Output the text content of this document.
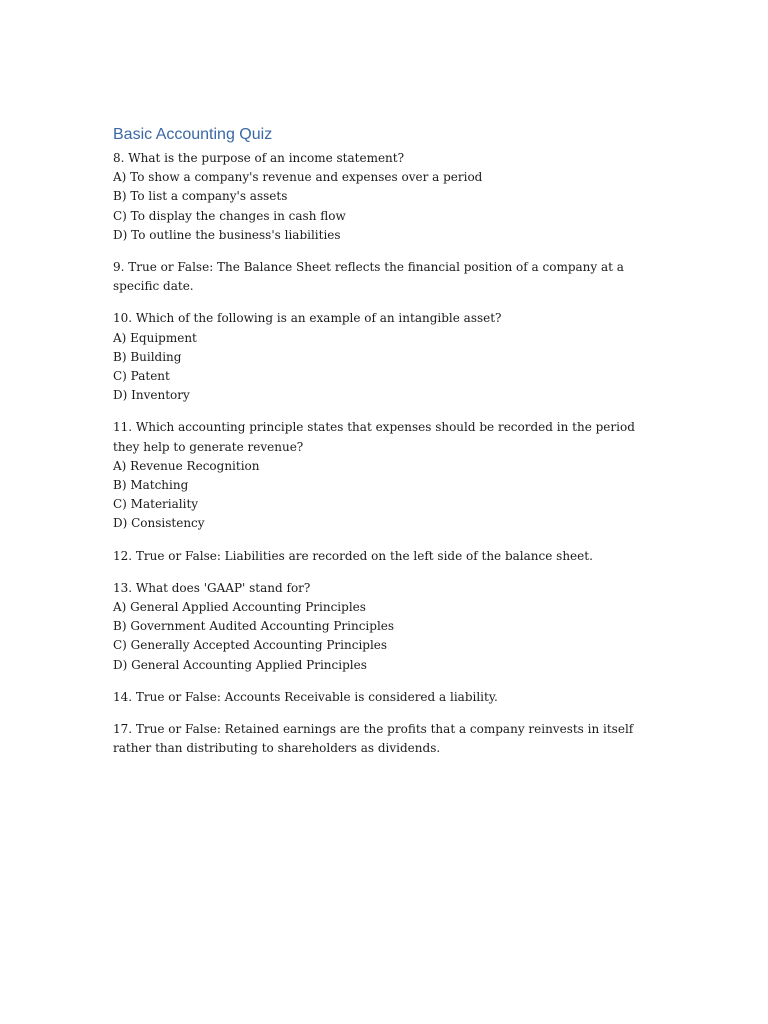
Basic Accounting Quiz

8. What is the purpose of an income statement?

A) To show a company's revenue and expenses over a period

B) To list a company's assets

C) To display the changes in cash flow

D) To outline the business's liabilities

9. True or False: The Balance Sheet reflects the financial position of a company at a specific date.

10. Which of the following is an example of an intangible asset?

A) Equipment

B) Building

C) Patent

D) Inventory

11. Which accounting principle states that expenses should be recorded in the period they help to generate revenue?

A) Revenue Recognition

B) Matching

C) Materiality

D) Consistency

12. True or False: Liabilities are recorded on the left side of the balance sheet.

13. What does 'GAAP' stand for?

A) General Applied Accounting Principles

B) Government Audited Accounting Principles

C) Generally Accepted Accounting Principles

D) General Accounting Applied Principles

14. True or False: Accounts Receivable is considered a liability.

17. True or False: Retained earnings are the profits that a company reinvests in itself rather than distributing to shareholders as dividends.
